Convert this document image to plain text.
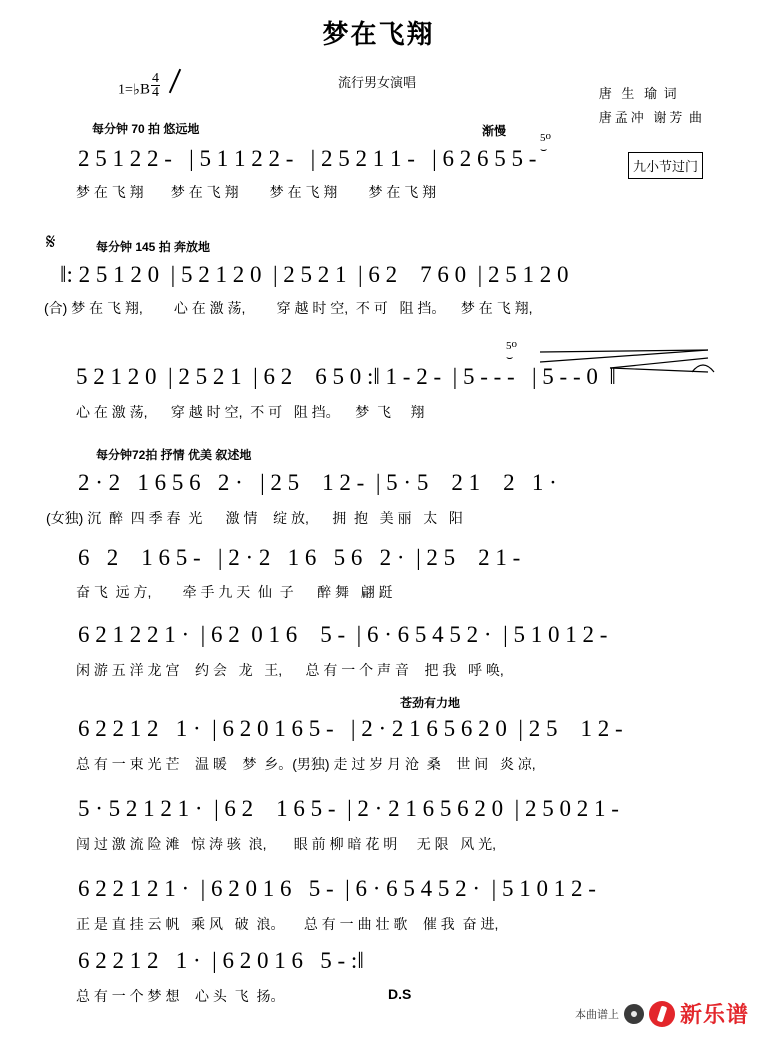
梦在飞翔
1=♭B $\frac{4}{4}$	流行男女演唱
唐 生 瑜 词
唐孟冲 谢芳 曲
每分钟 70 拍 悠远地	渐慢
2 5 1 2 2 -   | 5 1 1 2 2 -   | 2 5 2 1 1 -   | 6 2 6 5 5 -
梦 在 飞 翔       梦 在 飞 翔        梦 在 飞 翔        梦 在 飞 翔
九小节过门
5ᴏ
⌣
𝄋	每分钟 145 拍 奔放地
‖: 2 5 1 2 0  | 5 2 1 2 0  | 2 5 2 1  | 6 2    7 6 0  | 2 5 1 2 0
(合) 梦 在 飞 翔,        心 在 激 荡,        穿 越 时 空,  不 可   阻 挡。    梦 在 飞 翔,
5 2 1 2 0  | 2 5 2 1  | 6 2    6 5 0 :‖ 1 - 2 -  | 5 - - -   | 5 - - 0  ‖
心 在 激 荡,      穿 越 时 空,  不 可   阻 挡。    梦  飞     翔
5ᴏ
⌣
每分钟72拍 抒情 优美 叙述地
2 · 2   1 6 5 6   2 ·   | 2 5    1 2 -  | 5 · 5    2 1    2   1 ·
(女独) 沉  醉  四 季 春  光      激 情    绽 放,      拥  抱   美 丽   太   阳
6   2    1 6 5 -   | 2 · 2   1 6   5 6   2 ·  | 2 5    2 1 -
奋 飞  远 方,        牵 手 九 天  仙  子      醉 舞   翩 跹
6 2 1 2 2 1 ·  | 6 2  0 1 6    5 -  | 6 · 6 5 4 5 2 ·  | 5 1 0 1 2 -
闲 游 五 洋 龙 宫    约 会   龙   王,      总 有 一 个 声 音    把 我   呼 唤,
苍劲有力地
6 2 2 1 2   1 ·  | 6 2 0 1 6 5 -   | 2 · 2 1 6 5 6 2 0  | 2 5    1 2 -
总 有 一 束 光 芒    温 暖    梦  乡。(男独) 走 过 岁 月 沧  桑    世 间   炎 凉,
5 · 5 2 1 2 1 ·  | 6 2    1 6 5 -  | 2 · 2 1 6 5 6 2 0  | 2 5 0 2 1 -
闯 过 激 流 险 滩   惊 涛 骇  浪,       眼 前 柳 暗 花 明     无 限   风 光,
6 2 2 1 2 1 ·  | 6 2 0 1 6   5 -  | 6 · 6 5 4 5 2 ·  | 5 1 0 1 2 -
正 是 直 挂 云 帆   乘 风   破  浪。     总 有 一 曲 壮 歌    催 我  奋 进,
6 2 2 1 2   1 ·  | 6 2 0 1 6   5 - :‖
总 有 一 个 梦 想    心 头  飞  扬。	D.S
本曲谱上	新乐谱
